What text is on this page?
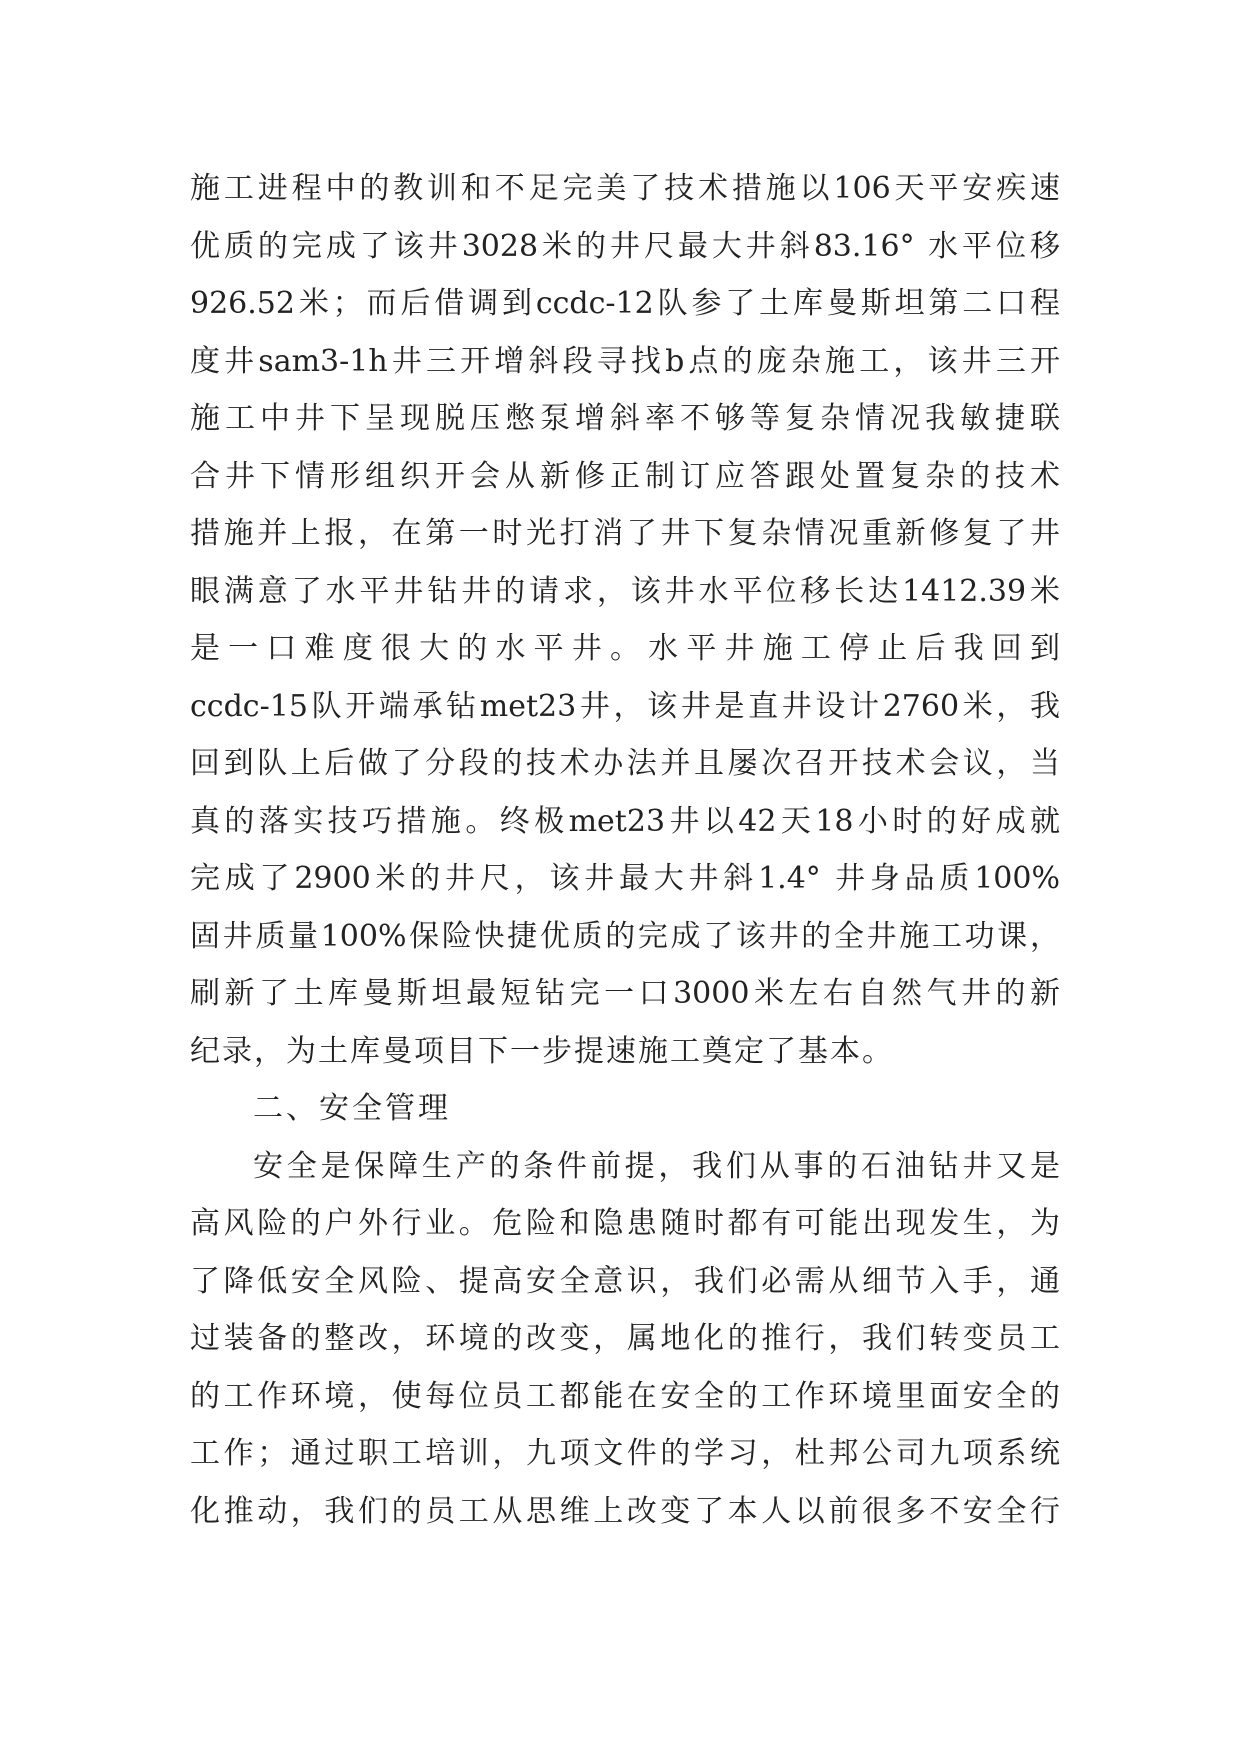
施工进程中的教训和不足完美了技术措施以106天平安疾速
优质的完成了该井3028米的井尺最大井斜83.16° 水平位移
926.52米；而后借调到ccdc-12队参了土库曼斯坦第二口程
度井sam3-1h井三开增斜段寻找b点的庞杂施工，该井三开
施工中井下呈现脱压憋泵增斜率不够等复杂情况我敏捷联
合井下情形组织开会从新修正制订应答跟处置复杂的技术
措施并上报，在第一时光打消了井下复杂情况重新修复了井
眼满意了水平井钻井的请求，该井水平位移长达1412.39米
是一口难度很大的水平井。水平井施工停止后我回到
ccdc-15队开端承钻met23井，该井是直井设计2760米，我
回到队上后做了分段的技术办法并且屡次召开技术会议，当
真的落实技巧措施。终极met23井以42天18小时的好成就
完成了2900米的井尺，该井最大井斜1.4° 井身品质100%
固井质量100%保险快捷优质的完成了该井的全井施工功课，
刷新了土库曼斯坦最短钻完一口3000米左右自然气井的新
纪录，为土库曼项目下一步提速施工奠定了基本。
二、安全管理
安全是保障生产的条件前提，我们从事的石油钻井又是
高风险的户外行业。危险和隐患随时都有可能出现发生，为
了降低安全风险、提高安全意识，我们必需从细节入手，通
过装备的整改，环境的改变，属地化的推行，我们转变员工
的工作环境，使每位员工都能在安全的工作环境里面安全的
工作；通过职工培训，九项文件的学习，杜邦公司九项系统
化推动，我们的员工从思维上改变了本人以前很多不安全行
